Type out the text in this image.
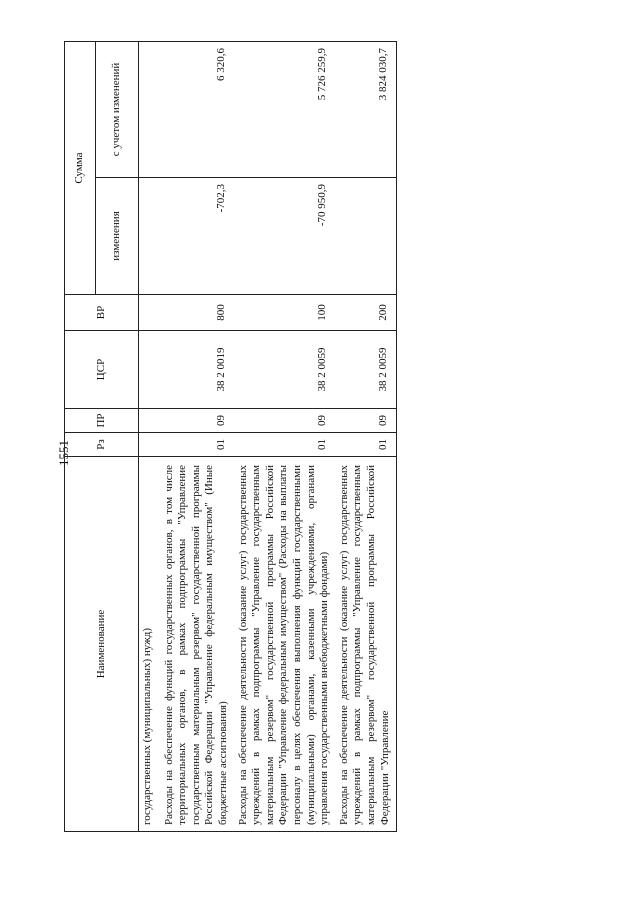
1551
Наименование	Рз	ПР	ЦСР	ВР	Сумма	
					изменения	с учетом изменений
государственных (муниципальных) нужд)						
Расходы на обеспечение функций государственных органов, в том числе территориальных органов, в рамках подпрограммы "Управление государственным материальным резервом" государственной программы Российской Федерации "Управление федеральным имуществом" (Иные бюджетные ассигнования)	01	09	38 2 0019	800	-702,3	6 320,6
Расходы на обеспечение деятельности (оказание услуг) государственных учреждений в рамках подпрограммы "Управление государственным материальным резервом" государственной программы Российской Федерации "Управление федеральным имуществом" (Расходы на выплаты персоналу в целях обеспечения выполнения функций государственными (муниципальными) органами, казенными учреждениями, органами управления государственными внебюджетными фондами)	01	09	38 2 0059	100	-70 950,9	5 726 259,9
Расходы на обеспечение деятельности (оказание услуг) государственных учреждений в рамках подпрограммы "Управление государственным материальным резервом" государственной программы Российской Федерации "Управление	01	09	38 2 0059	200		3 824 030,7
